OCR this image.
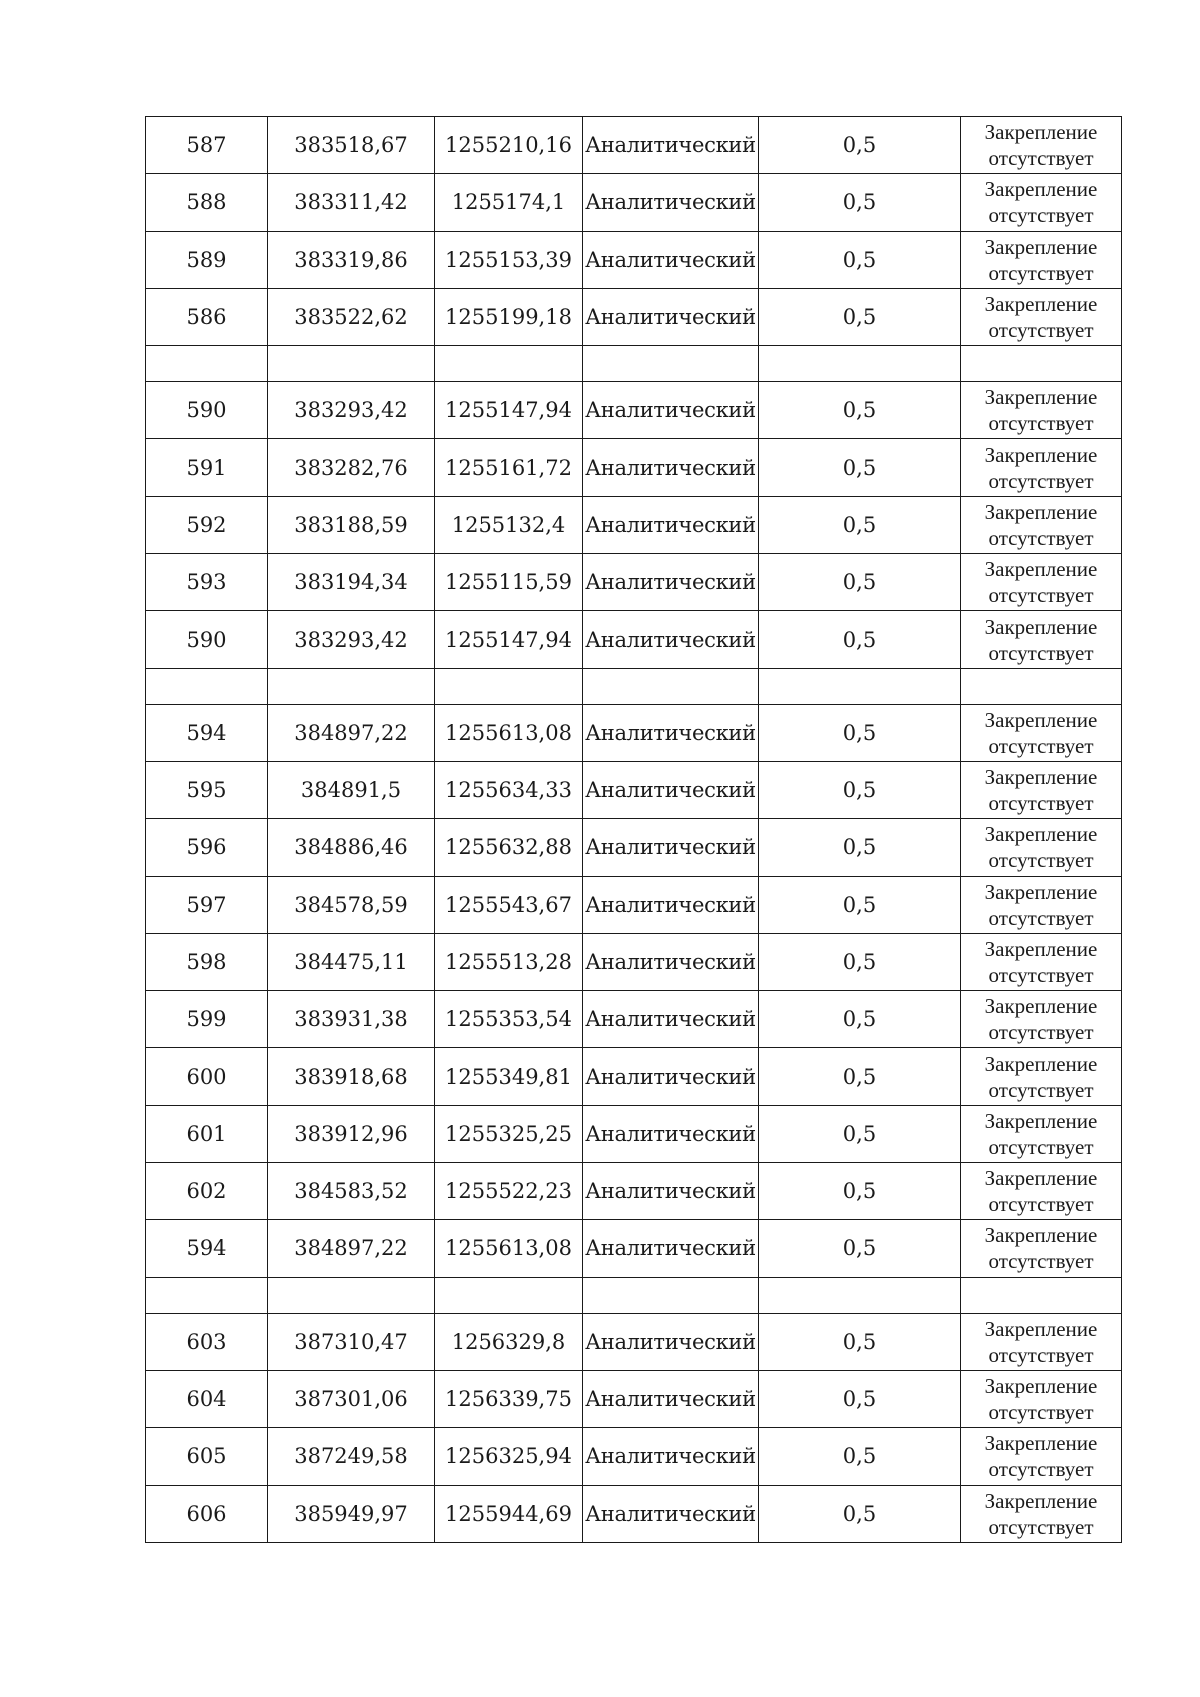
587	383518,67	1255210,16	Аналитический	0,5	Закрепление
отсутствует

588	383311,42	1255174,1	Аналитический	0,5	Закрепление
отсутствует

589	383319,86	1255153,39	Аналитический	0,5	Закрепление
отсутствует

586	383522,62	1255199,18	Аналитический	0,5	Закрепление
отсутствует

590	383293,42	1255147,94	Аналитический	0,5	Закрепление
отсутствует

591	383282,76	1255161,72	Аналитический	0,5	Закрепление
отсутствует

592	383188,59	1255132,4	Аналитический	0,5	Закрепление
отсутствует

593	383194,34	1255115,59	Аналитический	0,5	Закрепление
отсутствует

590	383293,42	1255147,94	Аналитический	0,5	Закрепление
отсутствует

594	384897,22	1255613,08	Аналитический	0,5	Закрепление
отсутствует

595	384891,5	1255634,33	Аналитический	0,5	Закрепление
отсутствует

596	384886,46	1255632,88	Аналитический	0,5	Закрепление
отсутствует

597	384578,59	1255543,67	Аналитический	0,5	Закрепление
отсутствует

598	384475,11	1255513,28	Аналитический	0,5	Закрепление
отсутствует

599	383931,38	1255353,54	Аналитический	0,5	Закрепление
отсутствует

600	383918,68	1255349,81	Аналитический	0,5	Закрепление
отсутствует

601	383912,96	1255325,25	Аналитический	0,5	Закрепление
отсутствует

602	384583,52	1255522,23	Аналитический	0,5	Закрепление
отсутствует

594	384897,22	1255613,08	Аналитический	0,5	Закрепление
отсутствует

603	387310,47	1256329,8	Аналитический	0,5	Закрепление
отсутствует

604	387301,06	1256339,75	Аналитический	0,5	Закрепление
отсутствует

605	387249,58	1256325,94	Аналитический	0,5	Закрепление
отсутствует

606	385949,97	1255944,69	Аналитический	0,5	Закрепление
отсутствует
